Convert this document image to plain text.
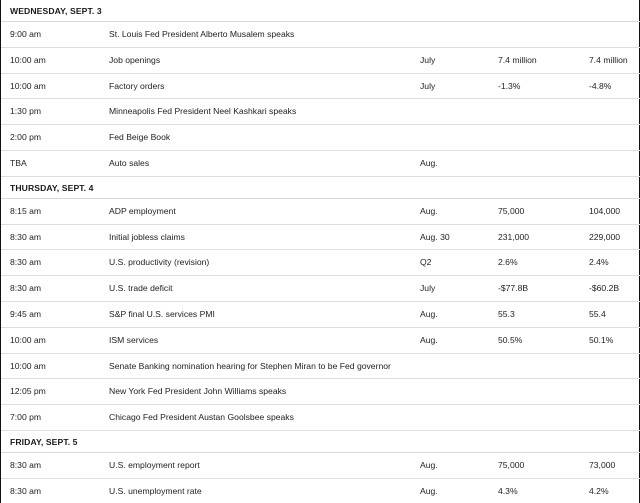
WEDNESDAY, SEPT. 3
9:00 am	St. Louis Fed President Alberto Musalem speaks
10:00 am	Job openings	July	7.4 million	7.4 million
10:00 am	Factory orders	July	-1.3%	-4.8%
1:30 pm	Minneapolis Fed President Neel Kashkari speaks
2:00 pm	Fed Beige Book
TBA	Auto sales	Aug.
THURSDAY, SEPT. 4
8:15 am	ADP employment	Aug.	75,000	104,000
8:30 am	Initial jobless claims	Aug. 30	231,000	229,000
8:30 am	U.S. productivity (revision)	Q2	2.6%	2.4%
8:30 am	U.S. trade deficit	July	-$77.8B	-$60.2B
9:45 am	S&P final U.S. services PMI	Aug.	55.3	55.4
10:00 am	ISM services	Aug.	50.5%	50.1%
10:00 am	Senate Banking nomination hearing for Stephen Miran to be Fed governor
12:05 pm	New York Fed President John Williams speaks
7:00 pm	Chicago Fed President Austan Goolsbee speaks
FRIDAY, SEPT. 5
8:30 am	U.S. employment report	Aug.	75,000	73,000
8:30 am	U.S. unemployment rate	Aug.	4.3%	4.2%
